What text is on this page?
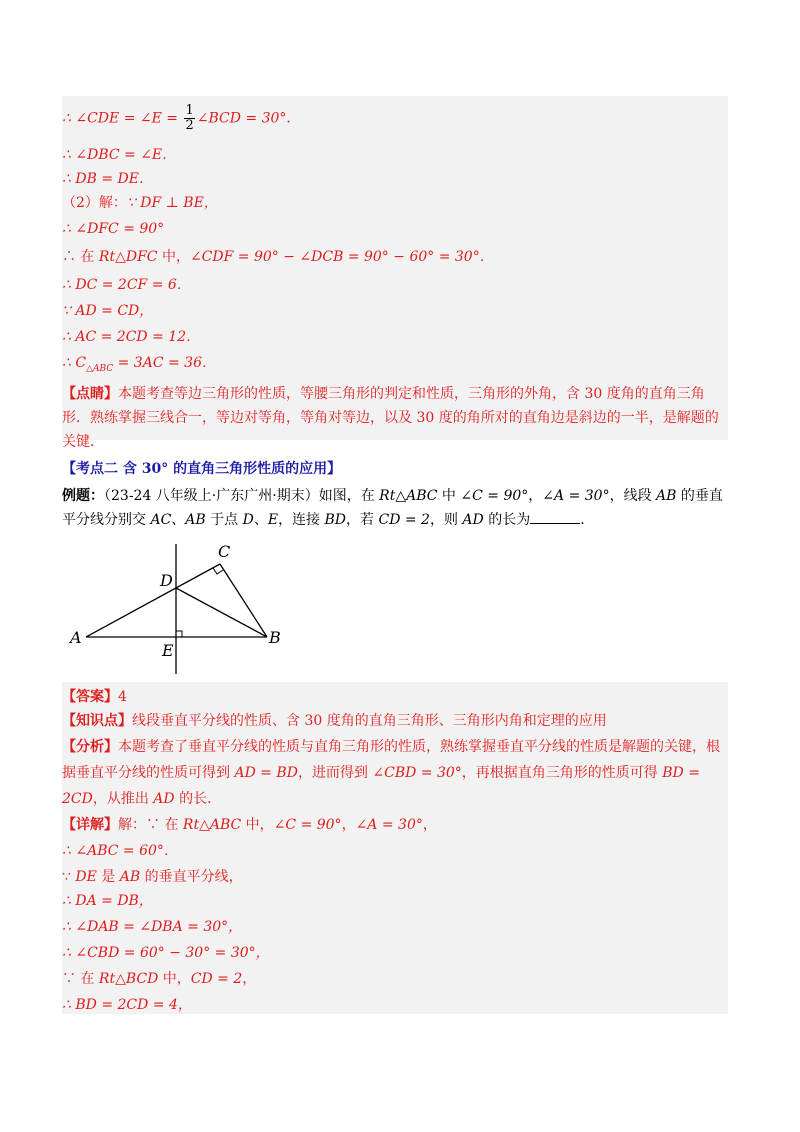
∴ ∠CDE = ∠E = $\frac{1}{2}$ ∠BCD = 30°．
∴ ∠DBC = ∠E．
∴ DB = DE．
（2）解：∵ DF ⊥ BE，
∴ ∠DFC = 90°
∴ 在 Rt△DFC 中，∠CDF = 90° − ∠DCB = 90° − 60° = 30°．
∴ DC = 2CF = 6．
∵ AD = CD，
∴ AC = 2CD = 12．
∴ $C_{\triangle ABC} = 3AC = 36$．
【点睛】本题考查等边三角形的性质，等腰三角形的判定和性质，三角形的外角，含 30 度角的直角三角形．熟练掌握三线合一，等边对等角，等角对等边，以及 30 度的角所对的直角边是斜边的一半，是解题的关键．
【考点二 含 30° 的直角三角形性质的应用】
例题：（23-24 八年级上·广东广州·期末）如图，在 Rt△ABC 中 ∠C = 90°，∠A = 30°，线段 AB 的垂直平分线分别交 AC、AB 于点 D、E，连接 BD，若 CD = 2，则 AD 的长为	．
A	B
C
D
E
【答案】4
【知识点】线段垂直平分线的性质、含 30 度角的直角三角形、三角形内角和定理的应用
【分析】本题考查了垂直平分线的性质与直角三角形的性质，熟练掌握垂直平分线的性质是解题的关键，根据垂直平分线的性质可得到 AD = BD，进而得到 ∠CBD = 30°，再根据直角三角形的性质可得 BD = 2CD，从推出 AD 的长．
【详解】解：∵ 在 Rt△ABC 中，∠C = 90°，∠A = 30°，
∴ ∠ABC = 60°．
∵ DE 是 AB 的垂直平分线，
∴ DA = DB，
∴ ∠DAB = ∠DBA = 30°，
∴ ∠CBD = 60° − 30° = 30°，
∵ 在 Rt△BCD 中，CD = 2，
∴ BD = 2CD = 4，
